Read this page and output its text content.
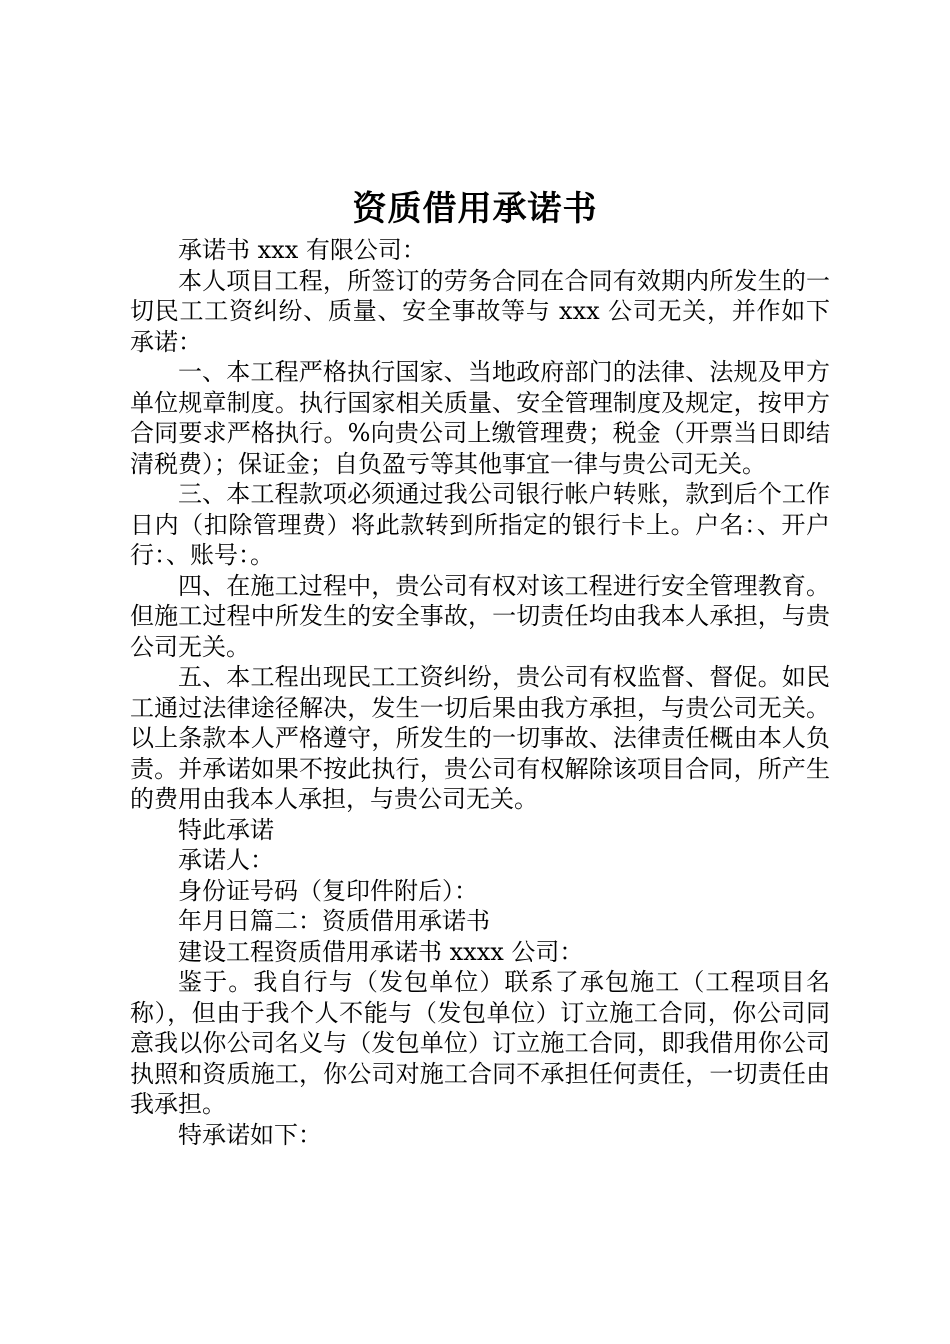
资质借用承诺书

承诺书 xxx 有限公司：

本人项目工程，所签订的劳务合同在合同有效期内所发生的一切民工工资纠纷、质量、安全事故等与 xxx 公司无关，并作如下承诺：

一、本工程严格执行国家、当地政府部门的法律、法规及甲方单位规章制度。执行国家相关质量、安全管理制度及规定，按甲方合同要求严格执行。%向贵公司上缴管理费；税金（开票当日即结清税费）；保证金；自负盈亏等其他事宜一律与贵公司无关。

三、本工程款项必须通过我公司银行帐户转账，款到后个工作日内（扣除管理费）将此款转到所指定的银行卡上。户名：、开户行：、账号：。

四、在施工过程中，贵公司有权对该工程进行安全管理教育。但施工过程中所发生的安全事故，一切责任均由我本人承担，与贵公司无关。

五、本工程出现民工工资纠纷，贵公司有权监督、督促。如民工通过法律途径解决，发生一切后果由我方承担，与贵公司无关。以上条款本人严格遵守，所发生的一切事故、法律责任概由本人负责。并承诺如果不按此执行，贵公司有权解除该项目合同，所产生的费用由我本人承担，与贵公司无关。

特此承诺

承诺人：

身份证号码（复印件附后）：

年月日篇二：资质借用承诺书

建设工程资质借用承诺书 xxxx 公司：

鉴于。我自行与（发包单位）联系了承包施工（工程项目名称），但由于我个人不能与（发包单位）订立施工合同，你公司同意我以你公司名义与（发包单位）订立施工合同，即我借用你公司执照和资质施工，你公司对施工合同不承担任何责任，一切责任由我承担。

特承诺如下：
